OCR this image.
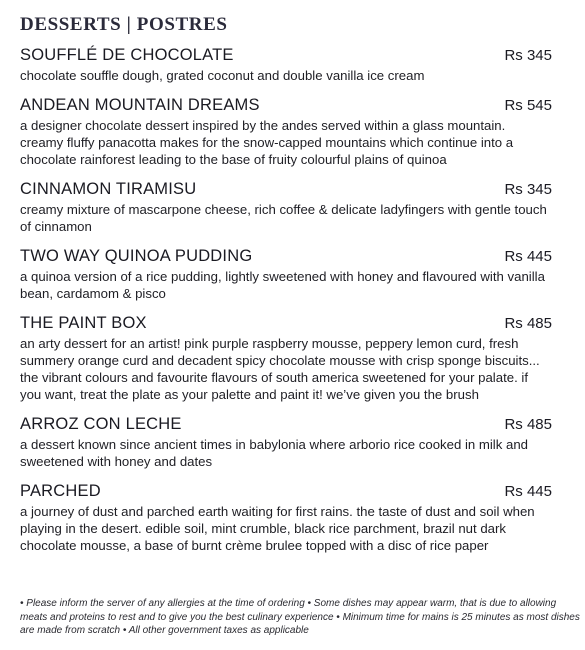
DESSERTS | POSTRES
SOUFFLÉ DE CHOCOLATE	Rs 345
chocolate souffle dough, grated coconut and double vanilla ice cream
ANDEAN MOUNTAIN DREAMS	Rs 545
a designer chocolate dessert inspired by the andes served within a glass mountain. creamy fluffy panacotta makes for the snow-capped mountains which continue into a chocolate rainforest leading to the base of fruity colourful plains of quinoa
CINNAMON TIRAMISU	Rs 345
creamy mixture of mascarpone cheese, rich coffee & delicate ladyfingers with gentle touch of cinnamon
TWO WAY QUINOA PUDDING	Rs 445
a quinoa version of a rice pudding, lightly sweetened with honey and flavoured with vanilla bean, cardamom & pisco
THE PAINT BOX	Rs 485
an arty dessert for an artist! pink purple raspberry mousse, peppery lemon curd, fresh summery orange curd and decadent spicy chocolate mousse with crisp sponge biscuits... the vibrant colours and favourite flavours of south america sweetened for your palate. if you want, treat the plate as your palette and paint it! we’ve given you the brush
ARROZ CON LECHE	Rs 485
a dessert known since ancient times in babylonia where arborio rice cooked in milk and sweetened with honey and dates
PARCHED	Rs 445
a journey of dust and parched earth waiting for first rains. the taste of dust and soil when playing in the desert. edible soil, mint crumble, black rice parchment, brazil nut dark chocolate mousse, a base of burnt crème brulee topped with a disc of rice paper
• Please inform the server of any allergies at the time of ordering • Some dishes may appear warm, that is due to allowing meats and proteins to rest and to give you the best culinary experience • Minimum time for mains is 25 minutes as most dishes are made from scratch • All other government taxes as applicable
